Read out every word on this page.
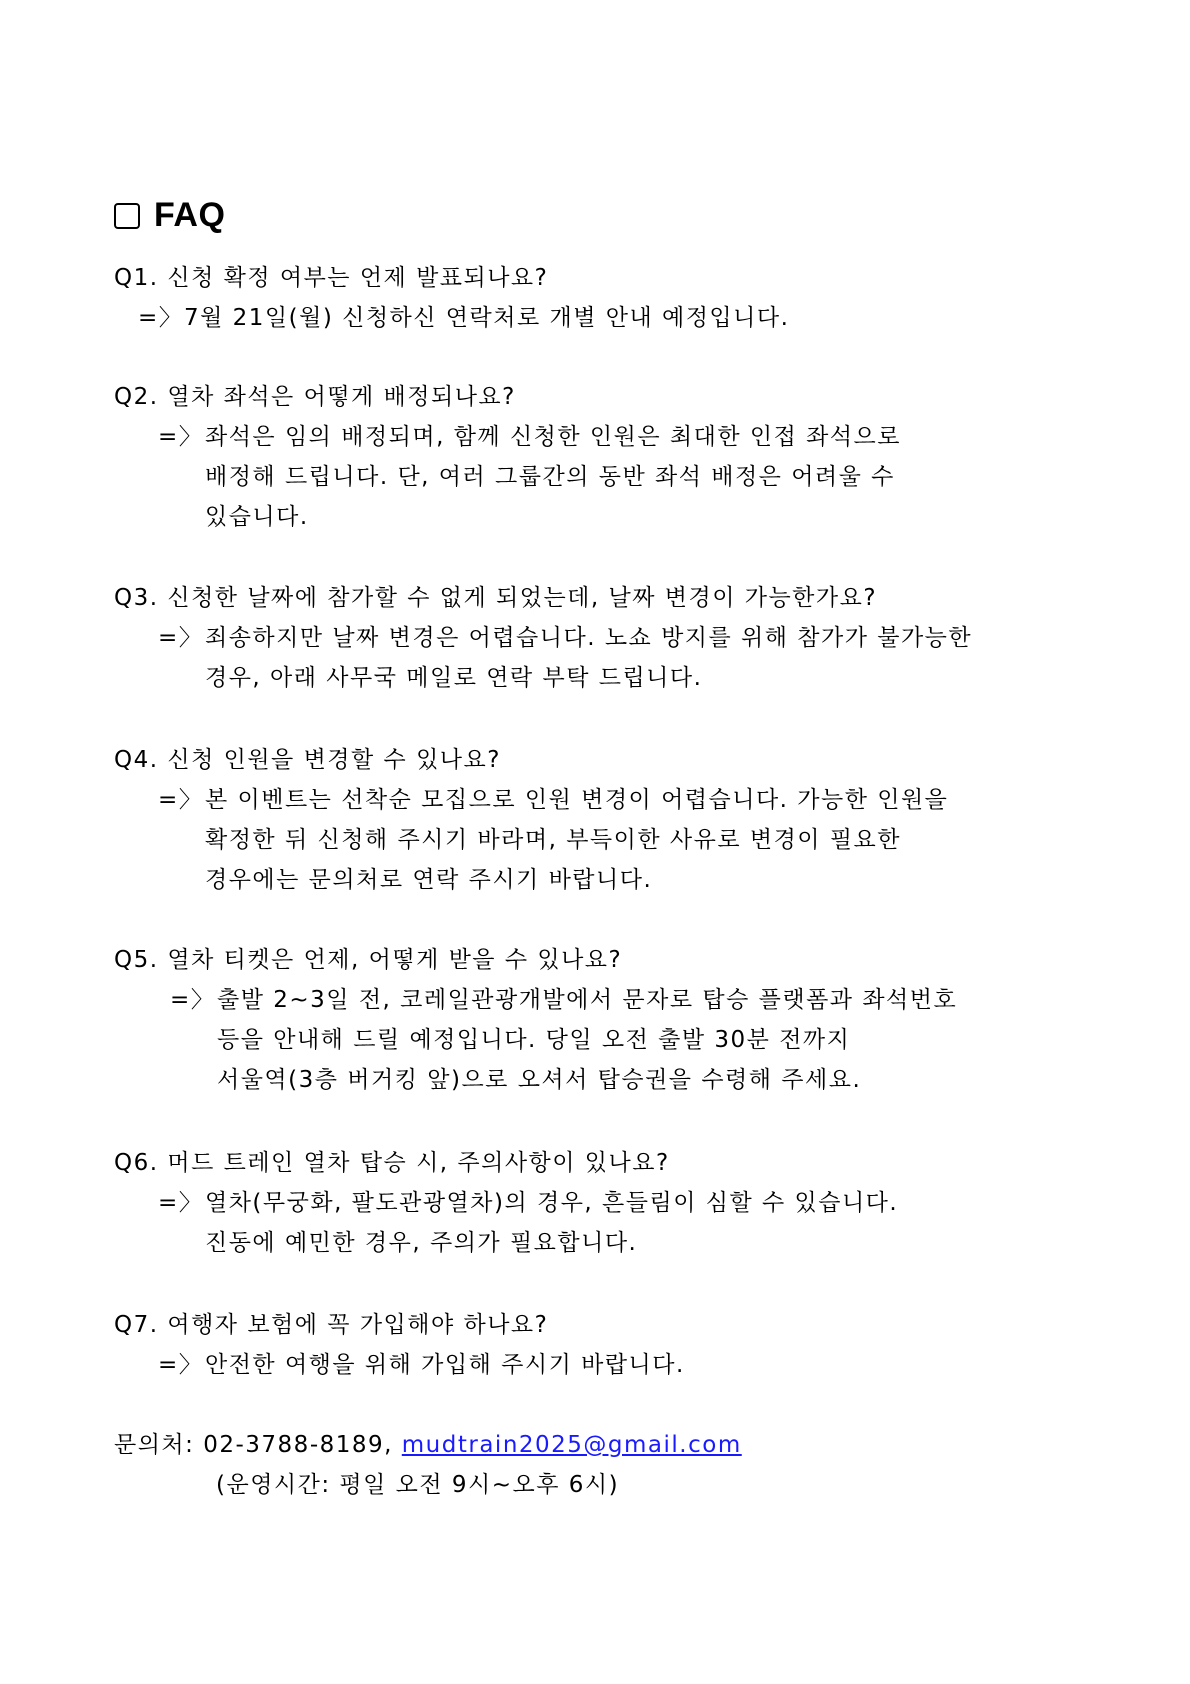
FAQ
Q1. 신청 확정 여부는 언제 발표되나요?
=〉 7월 21일(월) 신청하신 연락처로 개별 안내 예정입니다.
Q2. 열차 좌석은 어떻게 배정되나요?
=〉 좌석은 임의 배정되며, 함께 신청한 인원은 최대한 인접 좌석으로
배정해 드립니다. 단, 여러 그룹간의 동반 좌석 배정은 어려울 수
있습니다.
Q3. 신청한 날짜에 참가할 수 없게 되었는데, 날짜 변경이 가능한가요?
=〉 죄송하지만 날짜 변경은 어렵습니다. 노쇼 방지를 위해 참가가 불가능한
경우, 아래 사무국 메일로 연락 부탁 드립니다.
Q4. 신청 인원을 변경할 수 있나요?
=〉 본 이벤트는 선착순 모집으로 인원 변경이 어렵습니다. 가능한 인원을
확정한 뒤 신청해 주시기 바라며, 부득이한 사유로 변경이 필요한
경우에는 문의처로 연락 주시기 바랍니다.
Q5. 열차 티켓은 언제, 어떻게 받을 수 있나요?
=〉 출발 2~3일 전, 코레일관광개발에서 문자로 탑승 플랫폼과 좌석번호
등을 안내해 드릴 예정입니다. 당일 오전 출발 30분 전까지
서울역(3층 버거킹 앞)으로 오셔서 탑승권을 수령해 주세요.
Q6. 머드 트레인 열차 탑승 시, 주의사항이 있나요?
=〉 열차(무궁화, 팔도관광열차)의 경우, 흔들림이 심할 수 있습니다.
진동에 예민한 경우, 주의가 필요합니다.
Q7. 여행자 보험에 꼭 가입해야 하나요?
=〉 안전한 여행을 위해 가입해 주시기 바랍니다.
문의처: 02-3788-8189, mudtrain2025@gmail.com
(운영시간: 평일 오전 9시~오후 6시)
